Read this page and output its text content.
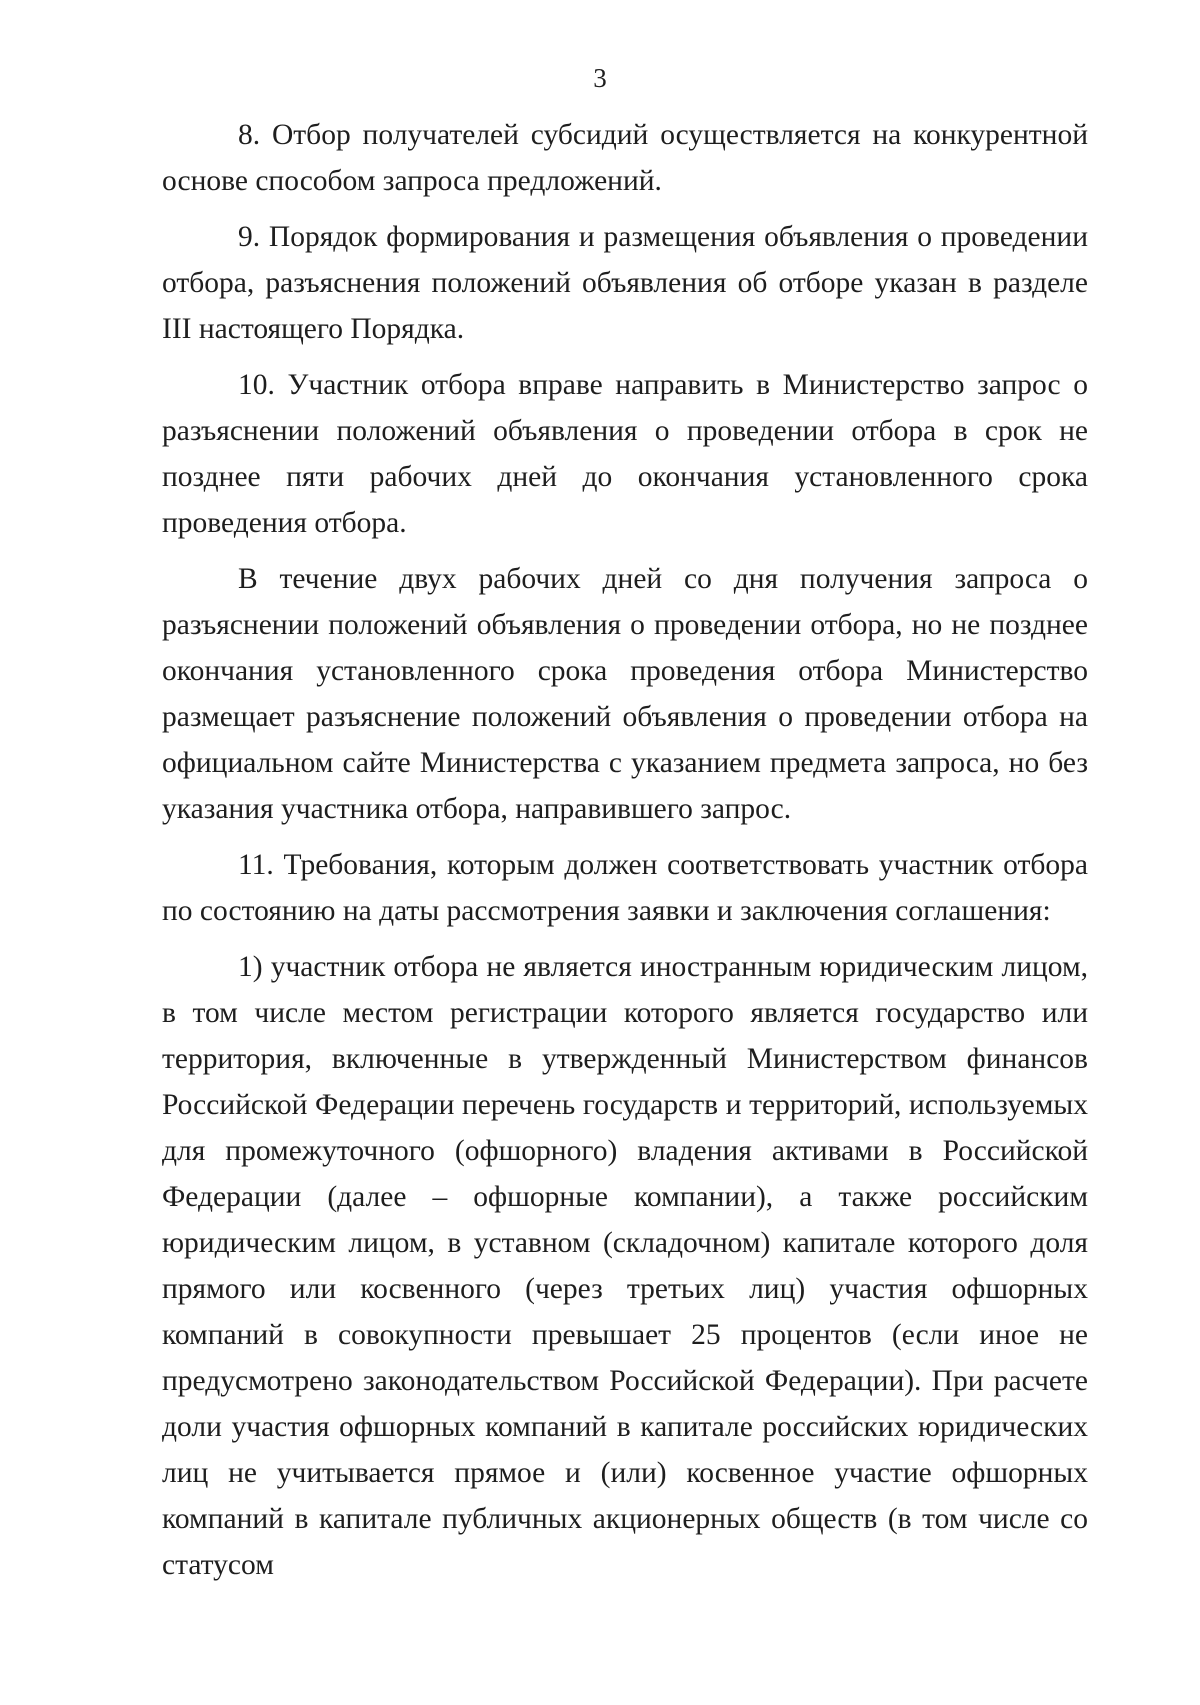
3

8. Отбор получателей субсидий осуществляется на конкурентной основе способом запроса предложений.

9. Порядок формирования и размещения объявления о проведении отбора, разъяснения положений объявления об отборе указан в разделе III настоящего Порядка.

10. Участник отбора вправе направить в Министерство запрос о разъяснении положений объявления о проведении отбора в срок не позднее пяти рабочих дней до окончания установленного срока проведения отбора.

В течение двух рабочих дней со дня получения запроса о разъяснении положений объявления о проведении отбора, но не позднее окончания установленного срока проведения отбора Министерство размещает разъяснение положений объявления о проведении отбора на официальном сайте Министерства с указанием предмета запроса, но без указания участника отбора, направившего запрос.

11. Требования, которым должен соответствовать участник отбора по состоянию на даты рассмотрения заявки и заключения соглашения:

1) участник отбора не является иностранным юридическим лицом, в том числе местом регистрации которого является государство или территория, включенные в утвержденный Министерством финансов Российской Федерации перечень государств и территорий, используемых для промежуточного (офшорного) владения активами в Российской Федерации (далее – офшорные компании), а также российским юридическим лицом, в уставном (складочном) капитале которого доля прямого или косвенного (через третьих лиц) участия офшорных компаний в совокупности превышает 25 процентов (если иное не предусмотрено законодательством Российской Федерации). При расчете доли участия офшорных компаний в капитале российских юридических лиц не учитывается прямое и (или) косвенное участие офшорных компаний в капитале публичных акционерных обществ (в том числе со статусом
